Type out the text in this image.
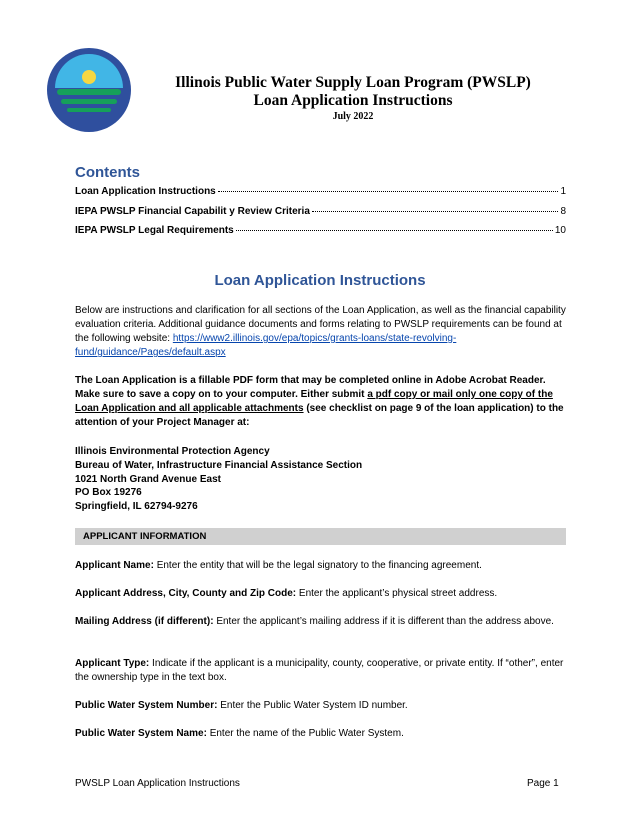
Illinois Public Water Supply Loan Program (PWSLP)
Loan Application Instructions
July 2022
Contents
Loan Application Instructions	1
IEPA PWSLP Financial Capabilit y Review Criteria	8
IEPA PWSLP Legal Requirements	10
Loan Application Instructions
Below are instructions and clarification for all sections of the Loan Application, as well as the financial capability evaluation criteria. Additional guidance documents and forms relating to PWSLP requirements can be found at the following website: https://www2.illinois.gov/epa/topics/grants-loans/state-revolving-fund/guidance/Pages/default.aspx
The Loan Application is a fillable PDF form that may be completed online in Adobe Acrobat Reader. Make sure to save a copy on to your computer. Either submit a pdf copy or mail only one copy of the Loan Application and all applicable attachments (see checklist on page 9 of the loan application) to the attention of your Project Manager at:
Illinois Environmental Protection Agency
Bureau of Water, Infrastructure Financial Assistance Section
1021 North Grand Avenue East
PO Box 19276
Springfield, IL 62794-9276
APPLICANT INFORMATION
Applicant Name: Enter the entity that will be the legal signatory to the financing agreement.
Applicant Address, City, County and Zip Code: Enter the applicant’s physical street address.
Mailing Address (if different): Enter the applicant’s mailing address if it is different than the address above.
Applicant Type: Indicate if the applicant is a municipality, county, cooperative, or private entity. If “other”, enter the ownership type in the text box.
Public Water System Number: Enter the Public Water System ID number.
Public Water System Name: Enter the name of the Public Water System.
PWSLP Loan Application Instructions	Page 1
